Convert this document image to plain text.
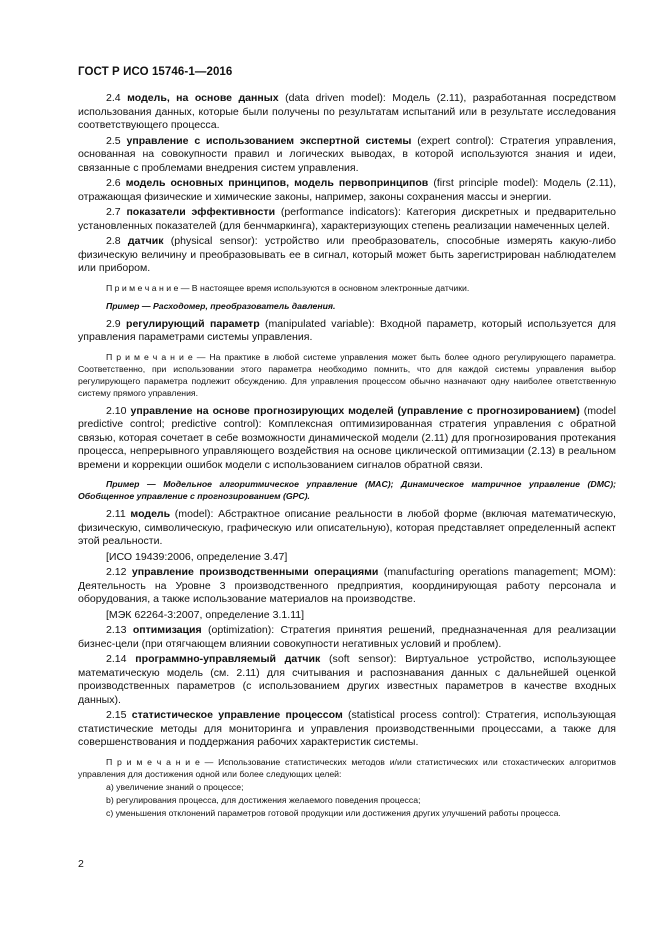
ГОСТ Р ИСО 15746-1—2016

2.4 модель, на основе данных (data driven model): Модель (2.11), разработанная посредством использования данных, которые были получены по результатам испытаний или в результате исследования соответствующего процесса.

2.5 управление с использованием экспертной системы (expert control): Стратегия управления, основанная на совокупности правил и логических выводах, в которой используются знания и идеи, связанные с проблемами внедрения систем управления.

2.6 модель основных принципов, модель первопринципов (first principle model): Модель (2.11), отражающая физические и химические законы, например, законы сохранения массы и энергии.

2.7 показатели эффективности (performance indicators): Категория дискретных и предварительно установленных показателей (для бенчмаркинга), характеризующих степень реализации намеченных целей.

2.8 датчик (physical sensor): устройство или преобразователь, способные измерять какую-либо физическую величину и преобразовывать ее в сигнал, который может быть зарегистрирован наблюдателем или прибором.

П р и м е ч а н и е — В настоящее время используются в основном электронные датчики.

Пример — Расходомер, преобразователь давления.

2.9 регулирующий параметр (manipulated variable): Входной параметр, который используется для управления параметрами системы управления.

П р и м е ч а н и е — На практике в любой системе управления может быть более одного регулирующего параметра. Соответственно, при использовании этого параметра необходимо помнить, что для каждой системы управления выбор регулирующего параметра подлежит обсуждению. Для управления процессом обычно назначают одну наиболее ответственную систему прямого управления.

2.10 управление на основе прогнозирующих моделей (управление с прогнозированием) (model predictive control; predictive control): Комплексная оптимизированная стратегия управления с обратной связью, которая сочетает в себе возможности динамической модели (2.11) для прогнозирования протекания процесса, непрерывного управляющего воздействия на основе циклической оптимизации (2.13) в реальном времени и коррекции ошибок модели с использованием сигналов обратной связи.

Пример — Модельное алгоритмическое управление (MAC); Динамическое матричное управление (DMC); Обобщенное управление с прогнозированием (GPC).

2.11 модель (model): Абстрактное описание реальности в любой форме (включая математическую, физическую, символическую, графическую или описательную), которая представляет определенный аспект этой реальности.

[ИСО 19439:2006, определение 3.47]

2.12 управление производственными операциями (manufacturing operations management; MOM): Деятельность на Уровне 3 производственного предприятия, координирующая работу персонала и оборудования, а также использование материалов на производстве.

[МЭК 62264-3:2007, определение 3.1.11]

2.13 оптимизация (optimization): Стратегия принятия решений, предназначенная для реализации бизнес-цели (при отягчающем влиянии совокупности негативных условий и проблем).

2.14 программно-управляемый датчик (soft sensor): Виртуальное устройство, использующее математическую модель (см. 2.11) для считывания и распознавания данных с дальнейшей оценкой производственных параметров (с использованием других известных параметров в качестве входных данных).

2.15 статистическое управление процессом (statistical process control): Стратегия, использующая статистические методы для мониторинга и управления производственными процессами, а также для совершенствования и поддержания рабочих характеристик системы.

П р и м е ч а н и е — Использование статистических методов и/или статистических или стохастических алгоритмов управления для достижения одной или более следующих целей:

a) увеличение знаний о процессе;

b) регулирования процесса, для достижения желаемого поведения процесса;

c) уменьшения отклонений параметров готовой продукции или достижения других улучшений работы процесса.

2
